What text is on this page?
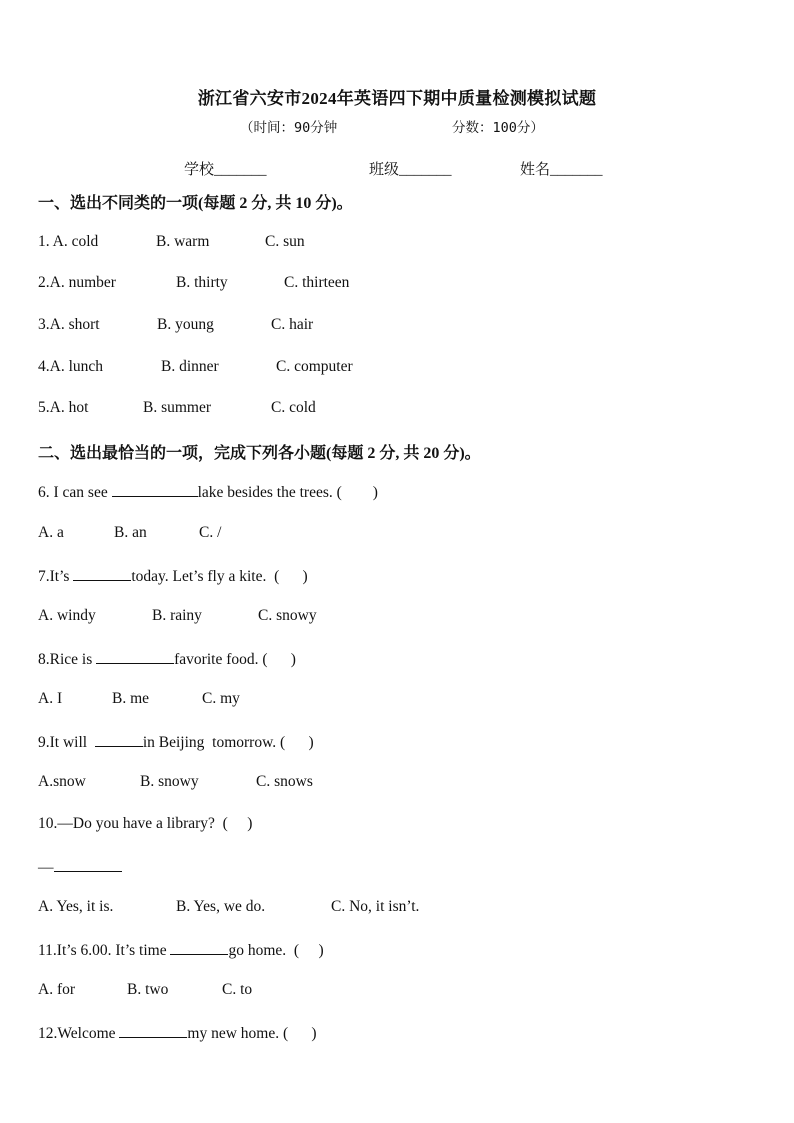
浙江省六安市2024年英语四下期中质量检测模拟试题
（时间：90分钟	分数：100分）
学校_______	班级_______	姓名_______
一、选出不同类的一项(每题 2 分, 共 10 分)。
1. A. cold	B. warm	C. sun
2.A. number	B. thirty	C. thirteen
3.A. short	B. young	C. hair
4.A. lunch	B. dinner	C. computer
5.A. hot	B. summer	C. cold
二、选出最恰当的一项，完成下列各小题(每题 2 分, 共 20 分)。
6. I can see	lake besides the trees. (        )
A. a	B. an	C. /
7.It’s	today. Let’s fly a kite.  (      )
A. windy	B. rainy	C. snowy
8.Rice is	favorite food. (      )
A. I	B. me	C. my
9.It will	in Beijing  tomorrow. (      )
A.snow	B. snowy	C. snows
10.—Do you have a library?  (     )
—
A. Yes, it is.	B. Yes, we do.	C. No, it isn’t.
11.It’s 6.00. It’s time	go home.  (     )
A. for	B. two	C. to
12.Welcome	my new home. (      )
